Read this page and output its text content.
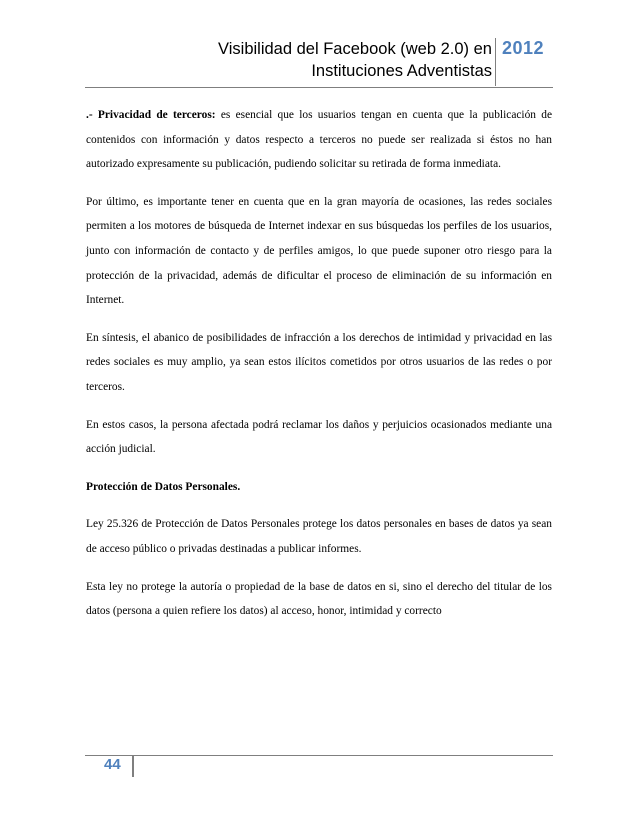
Visibilidad del Facebook (web 2.0) en
Instituciones Adventistas
2012

.- Privacidad de terceros: es esencial que los usuarios tengan en cuenta que la publicación de contenidos con información y datos respecto a terceros no puede ser realizada si éstos no han autorizado expresamente su publicación, pudiendo solicitar su retirada de forma inmediata.

Por último, es importante tener en cuenta que en la gran mayoría de ocasiones, las redes sociales permiten a los motores de búsqueda de Internet indexar en sus búsquedas los perfiles de los usuarios, junto con información de contacto y de perfiles amigos, lo que puede suponer otro riesgo para la protección de la privacidad, además de dificultar el proceso de eliminación de su información en Internet.

En síntesis, el abanico de posibilidades de infracción a los derechos de intimidad y privacidad en las redes sociales es muy amplio, ya sean estos ilícitos cometidos por otros usuarios de las redes o por terceros.

En estos casos, la persona afectada podrá reclamar los daños y perjuicios ocasionados mediante una acción judicial.

Protección de Datos Personales.

Ley 25.326 de Protección de Datos Personales protege los datos personales en bases de datos ya sean de acceso público o privadas destinadas a publicar informes.

Esta ley no protege la autoría o propiedad de la base de datos en si, sino el derecho del titular de los datos (persona a quien refiere los datos) al acceso, honor, intimidad y correcto

44
